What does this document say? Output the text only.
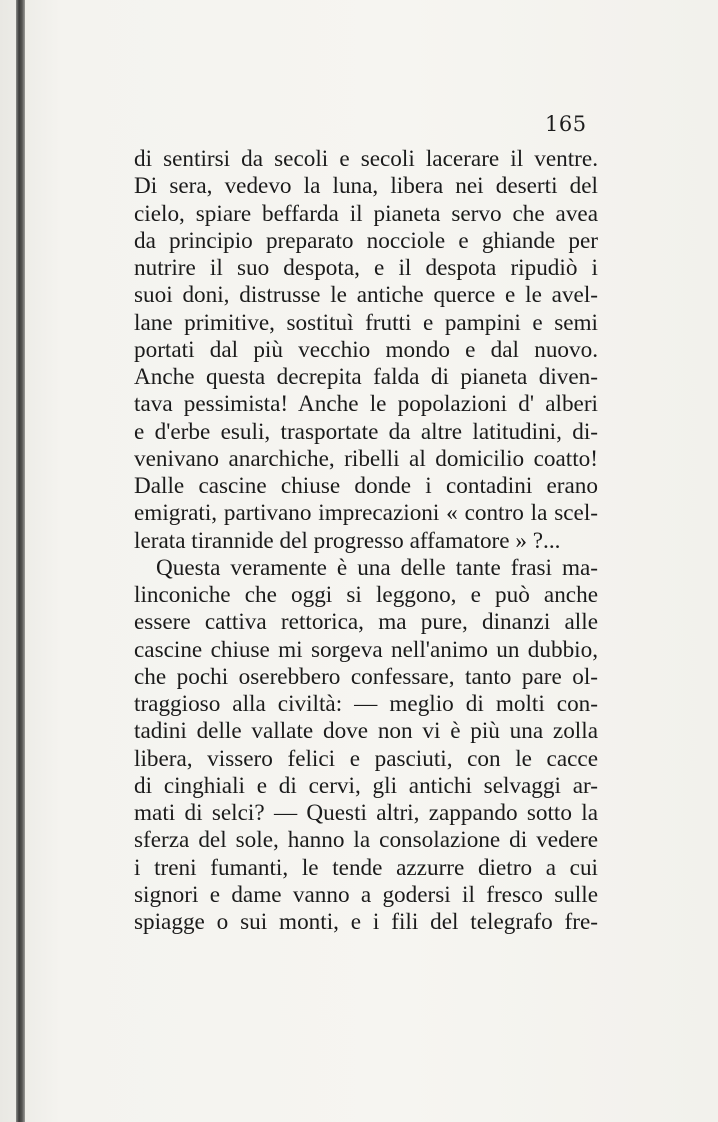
165
di sentirsi da secoli e secoli lacerare il ventre.
Di sera, vedevo la luna, libera nei deserti del
cielo, spiare beffarda il pianeta servo che avea
da principio preparato nocciole e ghiande per
nutrire il suo despota, e il despota ripudiò i
suoi doni, distrusse le antiche querce e le avel-
lane primitive, sostituì frutti e pampini e semi
portati dal più vecchio mondo e dal nuovo.
Anche questa decrepita falda di pianeta diven-
tava pessimista! Anche le popolazioni d' alberi
e d'erbe esuli, trasportate da altre latitudini, di-
venivano anarchiche, ribelli al domicilio coatto!
Dalle cascine chiuse donde i contadini erano
emigrati, partivano imprecazioni « contro la scel-
lerata tirannide del progresso affamatore » ?...
Questa veramente è una delle tante frasi ma-
linconiche che oggi si leggono, e può anche
essere cattiva rettorica, ma pure, dinanzi alle
cascine chiuse mi sorgeva nell'animo un dubbio,
che pochi oserebbero confessare, tanto pare ol-
traggioso alla civiltà: — meglio di molti con-
tadini delle vallate dove non vi è più una zolla
libera, vissero felici e pasciuti, con le cacce
di cinghiali e di cervi, gli antichi selvaggi ar-
mati di selci? — Questi altri, zappando sotto la
sferza del sole, hanno la consolazione di vedere
i treni fumanti, le tende azzurre dietro a cui
signori e dame vanno a godersi il fresco sulle
spiagge o sui monti, e i fili del telegrafo fre-
